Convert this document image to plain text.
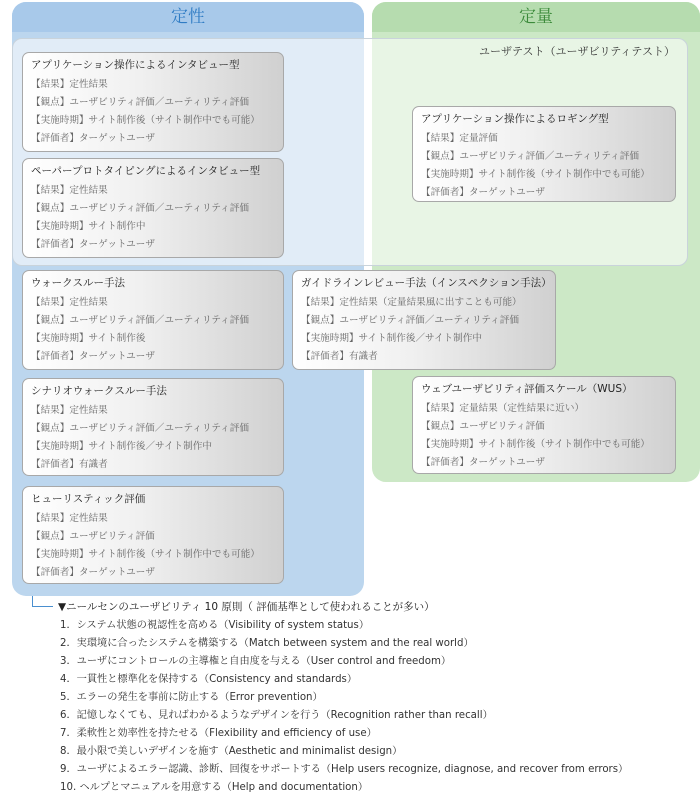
定性	定量
ユーザテスト（ユーザビリティテスト）
アプリケーション操作によるインタビュー型
【結果】定性結果
【観点】ユーザビリティ評価／ユーティリティ評価
【実施時期】サイト制作後（サイト制作中でも可能）
【評価者】ターゲットユーザ
ペーパープロトタイピングによるインタビュー型
【結果】定性結果
【観点】ユーザビリティ評価／ユーティリティ評価
【実施時期】サイト制作中
【評価者】ターゲットユーザ
アプリケーション操作によるロギング型
【結果】定量評価
【観点】ユーザビリティ評価／ユーティリティ評価
【実施時期】サイト制作後（サイト制作中でも可能）
【評価者】ターゲットユーザ
ウォークスルー手法
【結果】定性結果
【観点】ユーザビリティ評価／ユーティリティ評価
【実施時期】サイト制作後
【評価者】ターゲットユーザ
ガイドラインレビュー手法（インスペクション手法）
【結果】定性結果（定量結果風に出すことも可能）
【観点】ユーザビリティ評価／ユーティリティ評価
【実施時期】サイト制作後／サイト制作中
【評価者】有識者
シナリオウォークスルー手法
【結果】定性結果
【観点】ユーザビリティ評価／ユーティリティ評価
【実施時期】サイト制作後／サイト制作中
【評価者】有識者
ウェブユーザビリティ評価スケール（WUS）
【結果】定量結果（定性結果に近い）
【観点】ユーザビリティ評価
【実施時期】サイト制作後（サイト制作中でも可能）
【評価者】ターゲットユーザ
ヒューリスティック評価
【結果】定性結果
【観点】ユーザビリティ評価
【実施時期】サイト制作後（サイト制作中でも可能）
【評価者】ターゲットユーザ
▼ニールセンのユーザビリティ 10 原則（ 評価基準として使われることが多い）
1．システム状態の視認性を高める（Visibility of system status）
2．実環境に合ったシステムを構築する（Match between system and the real world）
3．ユーザにコントロールの主導権と自由度を与える（User control and freedom）
4．一貫性と標準化を保持する（Consistency and standards）
5．エラーの発生を事前に防止する（Error prevention）
6．記憶しなくても、見ればわかるようなデザインを行う（Recognition rather than recall）
7．柔軟性と効率性を持たせる（Flexibility and efficiency of use）
8．最小限で美しいデザインを施す（Aesthetic and minimalist design）
9．ユーザによるエラー認識、診断、回復をサポートする（Help users recognize, diagnose, and recover from errors）
10. ヘルプとマニュアルを用意する（Help and documentation）
